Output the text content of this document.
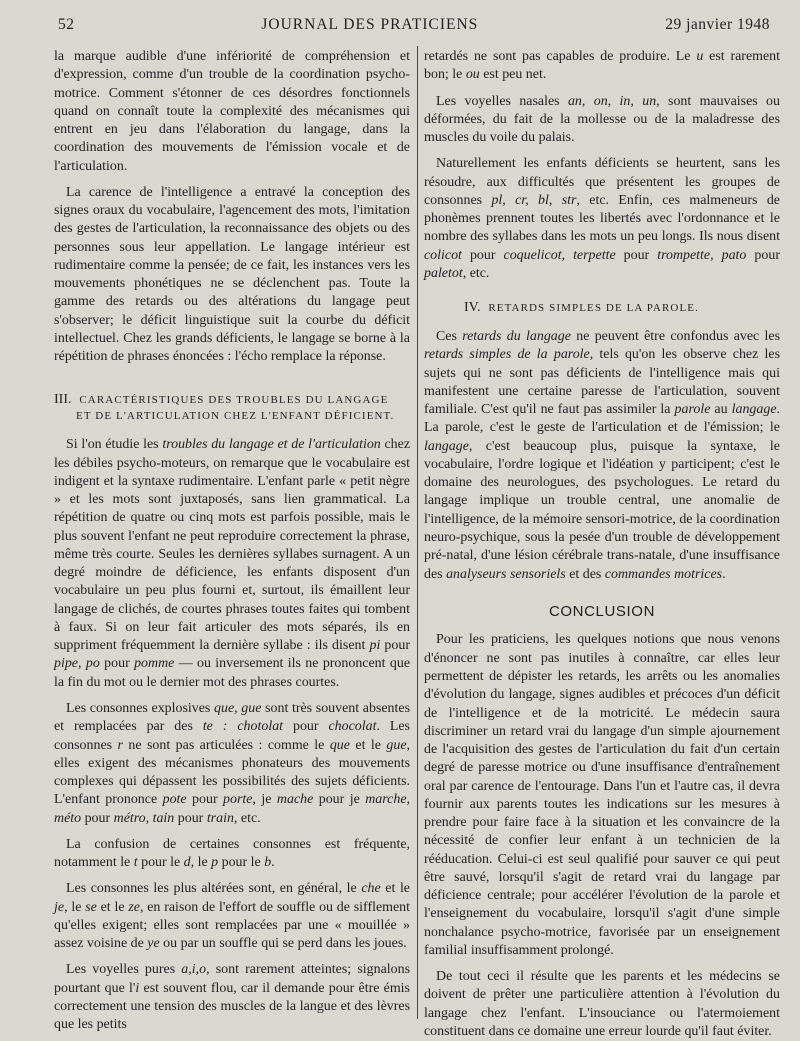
52	JOURNAL DES PRATICIENS	29 janvier 1948

la marque audible d'une infériorité de compréhension et d'expression, comme d'un trouble de la coordination psycho-motrice. Comment s'étonner de ces désordres fonctionnels quand on connaît toute la complexité des mécanismes qui entrent en jeu dans l'élaboration du langage, dans la coordination des mouvements de l'émission vocale et de l'articulation.

La carence de l'intelligence a entravé la conception des signes oraux du vocabulaire, l'agencement des mots, l'imitation des gestes de l'articulation, la reconnaissance des objets ou des personnes sous leur appellation. Le langage intérieur est rudimentaire comme la pensée; de ce fait, les instances vers les mouvements phonétiques ne se déclenchent pas. Toute la gamme des retards ou des altérations du langage peut s'observer; le déficit linguistique suit la courbe du déficit intellectuel. Chez les grands déficients, le langage se borne à la répétition de phrases énoncées : l'écho remplace la réponse.

III. CARACTÉRISTIQUES DES TROUBLES DU LANGAGE
ET DE L'ARTICULATION CHEZ L'ENFANT DÉFICIENT.

Si l'on étudie les troubles du langage et de l'articulation chez les débiles psycho-moteurs, on remarque que le vocabulaire est indigent et la syntaxe rudimentaire. L'enfant parle « petit nègre » et les mots sont juxtaposés, sans lien grammatical. La répétition de quatre ou cinq mots est parfois possible, mais le plus souvent l'enfant ne peut reproduire correctement la phrase, même très courte. Seules les dernières syllabes surnagent. A un degré moindre de déficience, les enfants disposent d'un vocabulaire un peu plus fourni et, surtout, ils émaillent leur langage de clichés, de courtes phrases toutes faites qui tombent à faux. Si on leur fait articuler des mots séparés, ils en suppriment fréquemment la dernière syllabe : ils disent pi pour pipe, po pour pomme — ou inversement ils ne prononcent que la fin du mot ou le dernier mot des phrases courtes.

Les consonnes explosives que, gue sont très souvent absentes et remplacées par des te : chotolat pour chocolat. Les consonnes r ne sont pas articulées : comme le que et le gue, elles exigent des mécanismes phonateurs des mouvements complexes qui dépassent les possibilités des sujets déficients. L'enfant prononce pote pour porte, je mache pour je marche, méto pour métro, tain pour train, etc.

La confusion de certaines consonnes est fréquente, notamment le t pour le d, le p pour le b.

Les consonnes les plus altérées sont, en général, le che et le je, le se et le ze, en raison de l'effort de souffle ou de sifflement qu'elles exigent; elles sont remplacées par une « mouillée » assez voisine de ye ou par un souffle qui se perd dans les joues.

Les voyelles pures a,i,o, sont rarement atteintes; signalons pourtant que l'i est souvent flou, car il demande pour être émis correctement une tension des muscles de la langue et des lèvres que les petits

retardés ne sont pas capables de produire. Le u est rarement bon; le ou est peu net.

Les voyelles nasales an, on, in, un, sont mauvaises ou déformées, du fait de la mollesse ou de la maladresse des muscles du voile du palais.

Naturellement les enfants déficients se heurtent, sans les résoudre, aux difficultés que présentent les groupes de consonnes pl, cr, bl, str, etc. Enfin, ces malmeneurs de phonèmes prennent toutes les libertés avec l'ordonnance et le nombre des syllabes dans les mots un peu longs. Ils nous disent colicot pour coquelicot, terpette pour trompette, pato pour paletot, etc.

IV. RETARDS SIMPLES DE LA PAROLE.

Ces retards du langage ne peuvent être confondus avec les retards simples de la parole, tels qu'on les observe chez les sujets qui ne sont pas déficients de l'intelligence mais qui manifestent une certaine paresse de l'articulation, souvent familiale. C'est qu'il ne faut pas assimiler la parole au langage. La parole, c'est le geste de l'articulation et de l'émission; le langage, c'est beaucoup plus, puisque la syntaxe, le vocabulaire, l'ordre logique et l'idéation y participent; c'est le domaine des neurologues, des psychologues. Le retard du langage implique un trouble central, une anomalie de l'intelligence, de la mémoire sensori-motrice, de la coordination neuro-psychique, sous la pesée d'un trouble de développement pré-natal, d'une lésion cérébrale trans-natale, d'une insuffisance des analyseurs sensoriels et des commandes motrices.

CONCLUSION

Pour les praticiens, les quelques notions que nous venons d'énoncer ne sont pas inutiles à connaître, car elles leur permettent de dépister les retards, les arrêts ou les anomalies d'évolution du langage, signes audibles et précoces d'un déficit de l'intelligence et de la motricité. Le médecin saura discriminer un retard vrai du langage d'un simple ajournement de l'acquisition des gestes de l'articulation du fait d'un certain degré de paresse motrice ou d'une insuffisance d'entraînement oral par carence de l'entourage. Dans l'un et l'autre cas, il devra fournir aux parents toutes les indications sur les mesures à prendre pour faire face à la situation et les convaincre de la nécessité de confier leur enfant à un technicien de la rééducation. Celui-ci est seul qualifié pour sauver ce qui peut être sauvé, lorsqu'il s'agit de retard vrai du langage par déficience centrale; pour accélérer l'évolution de la parole et l'enseignement du vocabulaire, lorsqu'il s'agit d'une simple nonchalance psycho-motrice, favorisée par un enseignement familial insuffisamment prolongé.

De tout ceci il résulte que les parents et les médecins se doivent de prêter une particulière attention à l'évolution du langage chez l'enfant. L'insouciance ou l'atermoiement constituent dans ce domaine une erreur lourde qu'il faut éviter.
